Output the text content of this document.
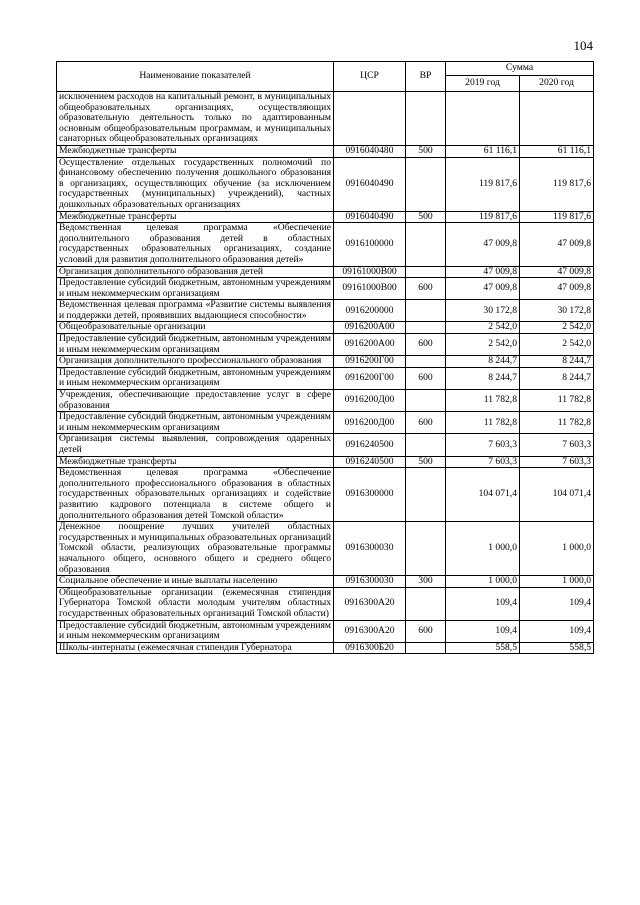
104
Наименование показателей	ЦСР	ВР	Сумма	
			2019 год	2020 год
исключением расходов на капитальный ремонт, в муниципальных общеобразовательных организациях, осуществляющих образовательную деятельность только по адаптированным основным общеобразовательным программам, и муниципальных санаторных общеобразовательных организациях				
Межбюджетные трансферты	0916040480	500	61 116,1	61 116,1
Осуществление отдельных государственных полномочий по финансовому обеспечению получения дошкольного образования в организациях, осуществляющих обучение (за исключением государственных (муниципальных) учреждений), частных дошкольных образовательных организациях	0916040490		119 817,6	119 817,6
Межбюджетные трансферты	0916040490	500	119 817,6	119 817,6
Ведомственная целевая программа «Обеспечение дополнительного образования детей в областных государственных образовательных организациях, создание условий для развития дополнительного образования детей»	0916100000		47 009,8	47 009,8
Организация дополнительного образования детей	09161000В00		47 009,8	47 009,8
Предоставление субсидий бюджетным, автономным учреждениям и иным некоммерческим организациям	09161000В00	600	47 009,8	47 009,8
Ведомственная целевая программа «Развитие системы выявления и поддержки детей, проявивших выдающиеся способности»	0916200000		30 172,8	30 172,8
Общеобразовательные организации	0916200А00		2 542,0	2 542,0
Предоставление субсидий бюджетным, автономным учреждениям и иным некоммерческим организациям	0916200А00	600	2 542,0	2 542,0
Организация дополнительного профессионального образования	0916200Г00		8 244,7	8 244,7
Предоставление субсидий бюджетным, автономным учреждениям и иным некоммерческим организациям	0916200Г00	600	8 244,7	8 244,7
Учреждения, обеспечивающие предоставление услуг в сфере образования	0916200Д00		11 782,8	11 782,8
Предоставление субсидий бюджетным, автономным учреждениям и иным некоммерческим организациям	0916200Д00	600	11 782,8	11 782,8
Организация системы выявления, сопровождения одаренных детей	0916240500		7 603,3	7 603,3
Межбюджетные трансферты	0916240500	500	7 603,3	7 603,3
Ведомственная целевая программа «Обеспечение дополнительного профессионального образования в областных государственных образовательных организациях и содействие развитию кадрового потенциала в системе общего и дополнительного образования детей Томской области»	0916300000		104 071,4	104 071,4
Денежное поощрение лучших учителей областных государственных и муниципальных образовательных организаций Томской области, реализующих образовательные программы начального общего, основного общего и среднего общего образования	0916300030		1 000,0	1 000,0
Социальное обеспечение и иные выплаты населению	0916300030	300	1 000,0	1 000,0
Общеобразовательные организации (ежемесячная стипендия Губернатора Томской области молодым учителям областных государственных образовательных организаций Томской области)	0916300А20		109,4	109,4
Предоставление субсидий бюджетным, автономным учреждениям и иным некоммерческим организациям	0916300А20	600	109,4	109,4
Школы-интернаты (ежемесячная стипендия Губернатора	0916300Б20		558,5	558,5
